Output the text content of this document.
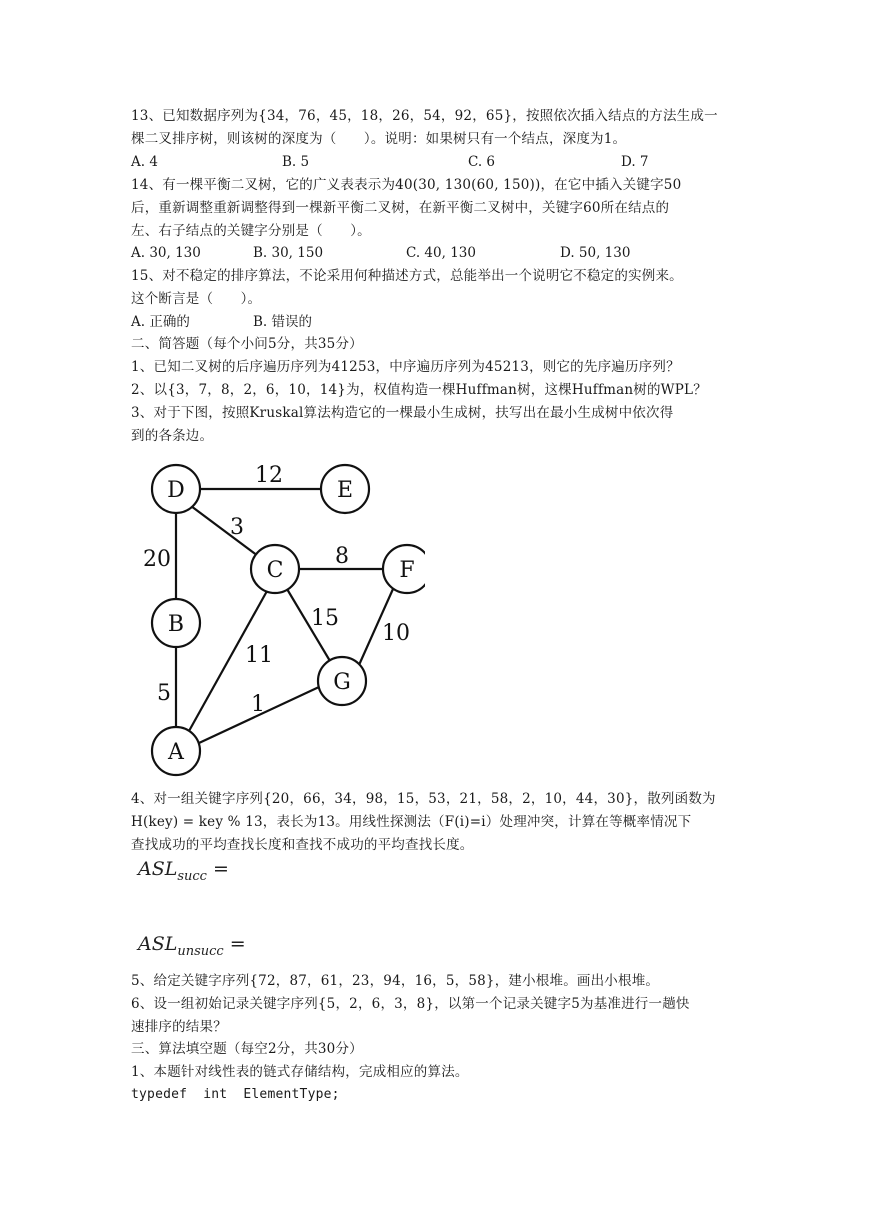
13、已知数据序列为{34，76，45，18，26，54，92，65}，按照依次插入结点的方法生成一
棵二叉排序树，则该树的深度为（　　）。说明：如果树只有一个结点，深度为1。
A. 4	B. 5	C. 6	D. 7
14、有一棵平衡二叉树，它的广义表表示为40(30, 130(60, 150))，在它中插入关键字50
后，重新调整重新调整得到一棵新平衡二叉树，在新平衡二叉树中，关键字60所在结点的
左、右子结点的关键字分别是（　　）。
A. 30, 130	B. 30, 150	C. 40, 130	D. 50, 130
15、对不稳定的排序算法，不论采用何种描述方式，总能举出一个说明它不稳定的实例来。
这个断言是（　　）。
A. 正确的	B. 错误的
二、简答题（每个小问5分，共35分）
1、已知二叉树的后序遍历序列为41253，中序遍历序列为45213，则它的先序遍历序列？
2、以{3，7，8，2，6，10，14}为，权值构造一棵Huffman树，这棵Huffman树的WPL？
3、对于下图，按照Kruskal算法构造它的一棵最小生成树，扶写出在最小生成树中依次得
到的各条边。
12
3
20	8
15
10
11
5	1
D	E
C	F
B
G
A
4、对一组关键字序列{20，66，34，98，15，53，21，58，2，10，44，30}，散列函数为
H(key) = key % 13，表长为13。用线性探测法（F(i)=i）处理冲突，计算在等概率情况下
查找成功的平均查找长度和查找不成功的平均查找长度。
$ASL_{succ}$ =
$ASL_{unsucc}$ =
5、给定关键字序列{72，87，61，23，94，16，5，58}，建小根堆。画出小根堆。
6、设一组初始记录关键字序列{5，2，6，3，8}，以第一个记录关键字5为基准进行一趟快
速排序的结果？
三、算法填空题（每空2分，共30分）
1、本题针对线性表的链式存储结构，完成相应的算法。
typedef  int  ElementType;
